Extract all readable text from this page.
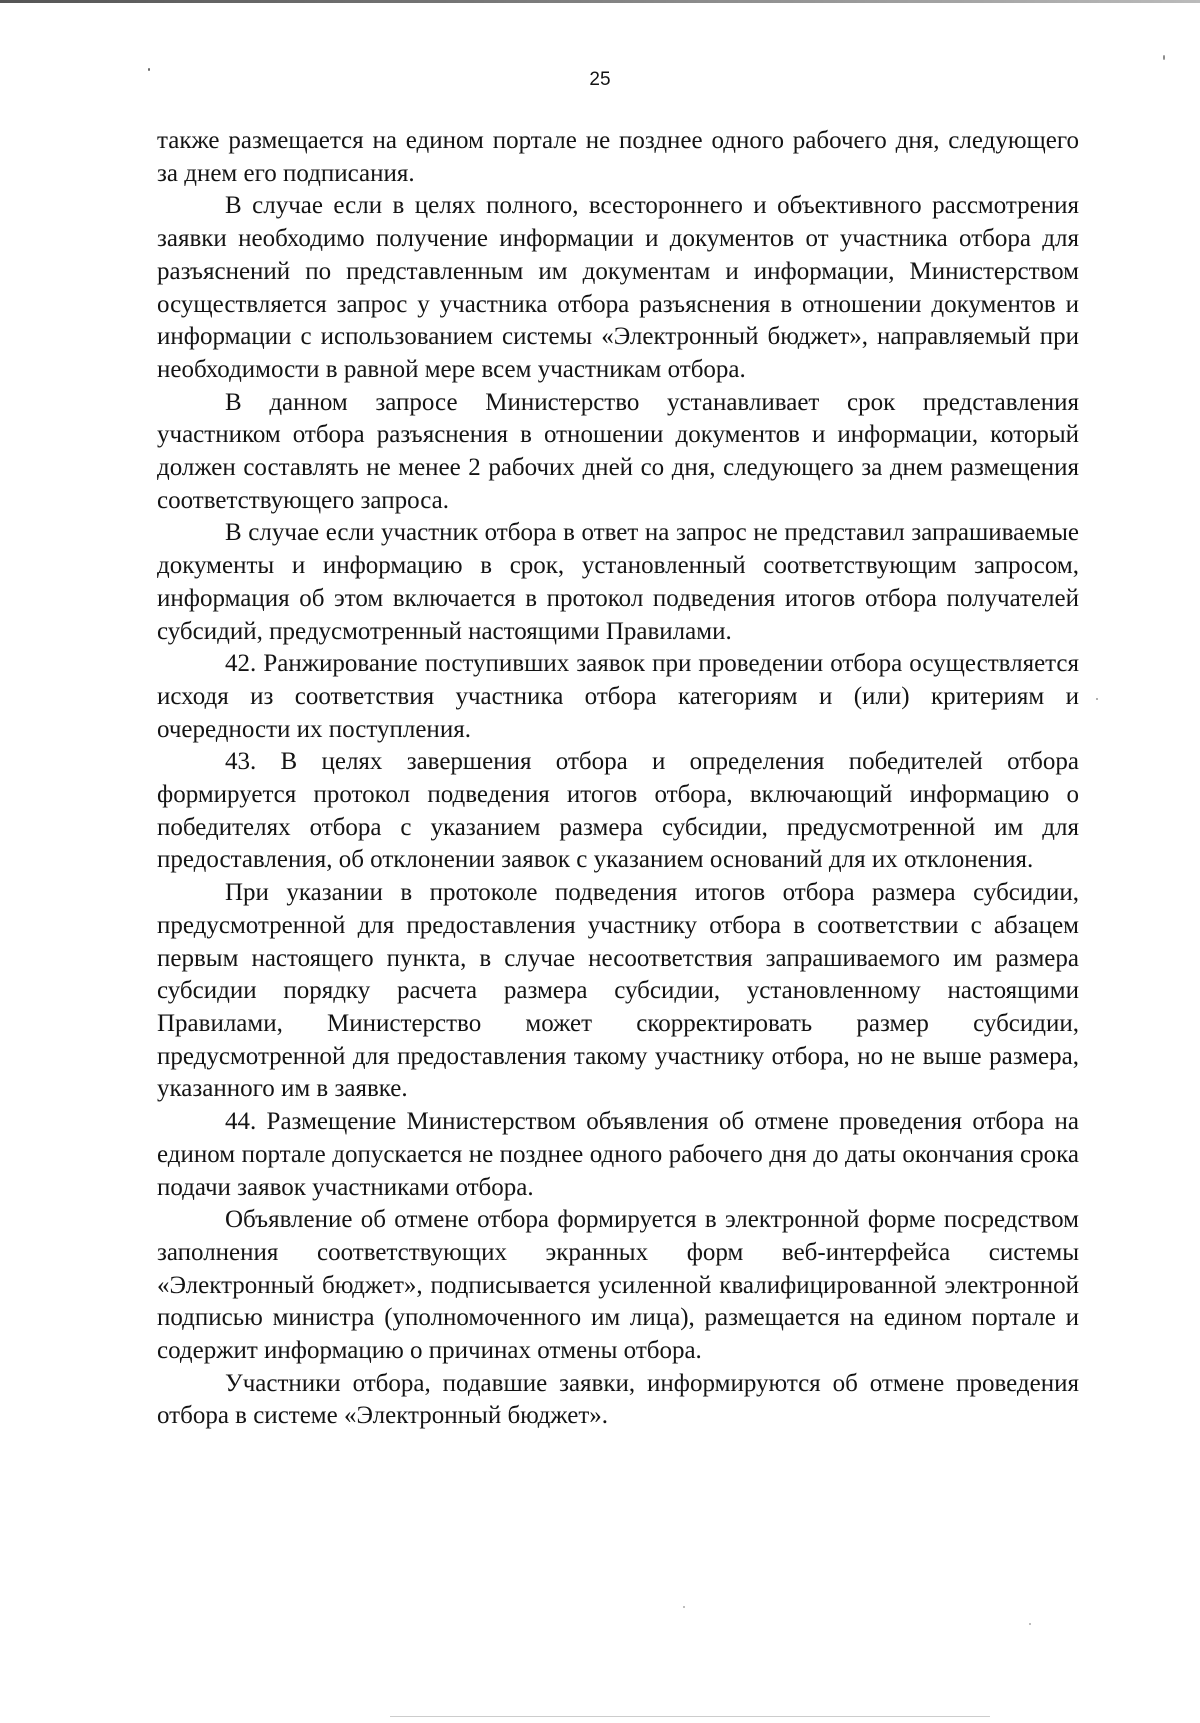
25

также размещается на едином портале не позднее одного рабочего дня, следующего за днем его подписания.

В случае если в целях полного, всестороннего и объективного рассмотрения заявки необходимо получение информации и документов от участника отбора для разъяснений по представленным им документам и информации, Министерством осуществляется запрос у участника отбора разъяснения в отношении документов и информации с использованием системы «Электронный бюджет», направляемый при необходимости в равной мере всем участникам отбора.

В данном запросе Министерство устанавливает срок представления участником отбора разъяснения в отношении документов и информации, который должен составлять не менее 2 рабочих дней со дня, следующего за днем размещения соответствующего запроса.

В случае если участник отбора в ответ на запрос не представил запрашиваемые документы и информацию в срок, установленный соответствующим запросом, информация об этом включается в протокол подведения итогов отбора получателей субсидий, предусмотренный настоящими Правилами.

42. Ранжирование поступивших заявок при проведении отбора осуществляется исходя из соответствия участника отбора категориям и (или) критериям и очередности их поступления.

43. В целях завершения отбора и определения победителей отбора формируется протокол подведения итогов отбора, включающий информацию о победителях отбора с указанием размера субсидии, предусмотренной им для предоставления, об отклонении заявок с указанием оснований для их отклонения.

При указании в протоколе подведения итогов отбора размера субсидии, предусмотренной для предоставления участнику отбора в соответствии с абзацем первым настоящего пункта, в случае несоответствия запрашиваемого им размера субсидии порядку расчета размера субсидии, установленному настоящими Правилами, Министерство может скорректировать размер субсидии, предусмотренной для предоставления такому участнику отбора, но не выше размера, указанного им в заявке.

44. Размещение Министерством объявления об отмене проведения отбора на едином портале допускается не позднее одного рабочего дня до даты окончания срока подачи заявок участниками отбора.

Объявление об отмене отбора формируется в электронной форме посредством заполнения соответствующих экранных форм веб-интерфейса системы «Электронный бюджет», подписывается усиленной квалифицированной электронной подписью министра (уполномоченного им лица), размещается на едином портале и содержит информацию о причинах отмены отбора.

Участники отбора, подавшие заявки, информируются об отмене проведения отбора в системе «Электронный бюджет».
